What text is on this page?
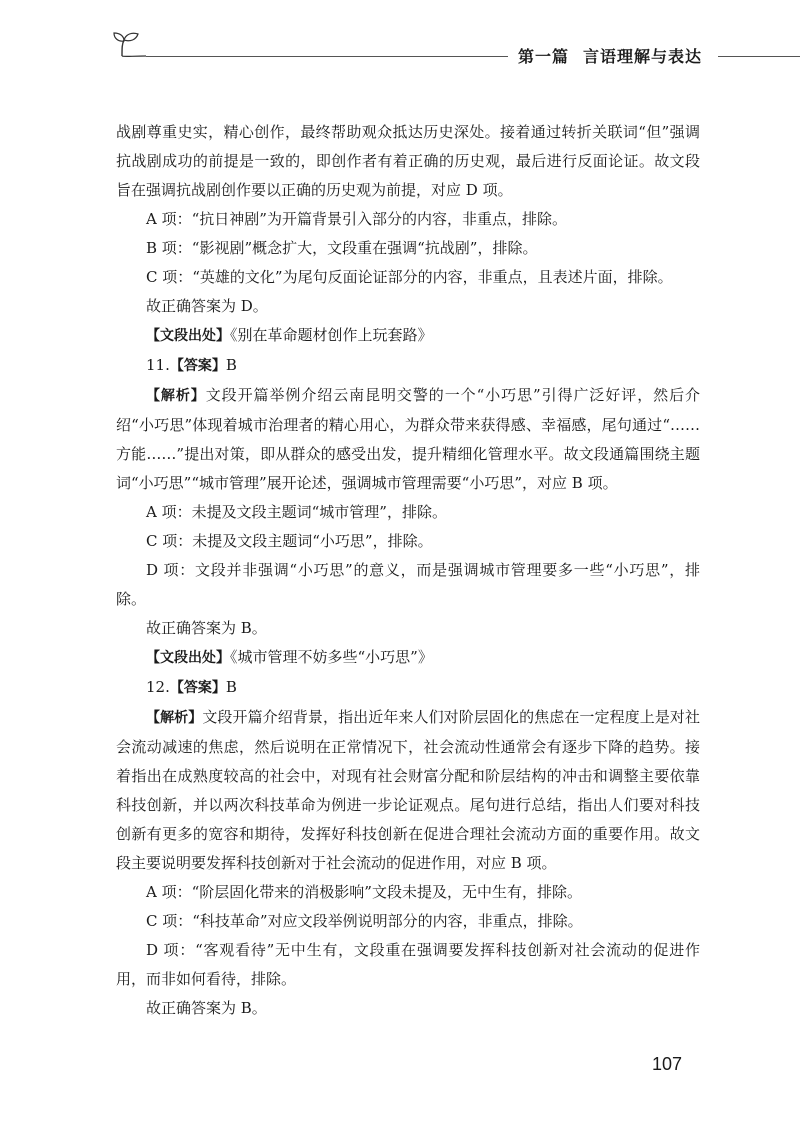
第一篇 言语理解与表达

战剧尊重史实，精心创作，最终帮助观众抵达历史深处。接着通过转折关联词“但”强调抗战剧成功的前提是一致的，即创作者有着正确的历史观，最后进行反面论证。故文段旨在强调抗战剧创作要以正确的历史观为前提，对应 D 项。

A 项：“抗日神剧”为开篇背景引入部分的内容，非重点，排除。

B 项：“影视剧”概念扩大，文段重在强调“抗战剧”，排除。

C 项：“英雄的文化”为尾句反面论证部分的内容，非重点，且表述片面，排除。

故正确答案为 D。

【文段出处】《别在革命题材创作上玩套路》

11.【答案】B

【解析】文段开篇举例介绍云南昆明交警的一个“小巧思”引得广泛好评，然后介绍“小巧思”体现着城市治理者的精心用心，为群众带来获得感、幸福感，尾句通过“……方能……”提出对策，即从群众的感受出发，提升精细化管理水平。故文段通篇围绕主题词“小巧思”“城市管理”展开论述，强调城市管理需要“小巧思”，对应 B 项。

A 项：未提及文段主题词“城市管理”，排除。

C 项：未提及文段主题词“小巧思”，排除。

D 项：文段并非强调“小巧思”的意义，而是强调城市管理要多一些“小巧思”，排除。

故正确答案为 B。

【文段出处】《城市管理不妨多些“小巧思”》

12.【答案】B

【解析】文段开篇介绍背景，指出近年来人们对阶层固化的焦虑在一定程度上是对社会流动减速的焦虑，然后说明在正常情况下，社会流动性通常会有逐步下降的趋势。接着指出在成熟度较高的社会中，对现有社会财富分配和阶层结构的冲击和调整主要依靠科技创新，并以两次科技革命为例进一步论证观点。尾句进行总结，指出人们要对科技创新有更多的宽容和期待，发挥好科技创新在促进合理社会流动方面的重要作用。故文段主要说明要发挥科技创新对于社会流动的促进作用，对应 B 项。

A 项：“阶层固化带来的消极影响”文段未提及，无中生有，排除。

C 项：“科技革命”对应文段举例说明部分的内容，非重点，排除。

D 项：“客观看待”无中生有，文段重在强调要发挥科技创新对社会流动的促进作用，而非如何看待，排除。

故正确答案为 B。

107
